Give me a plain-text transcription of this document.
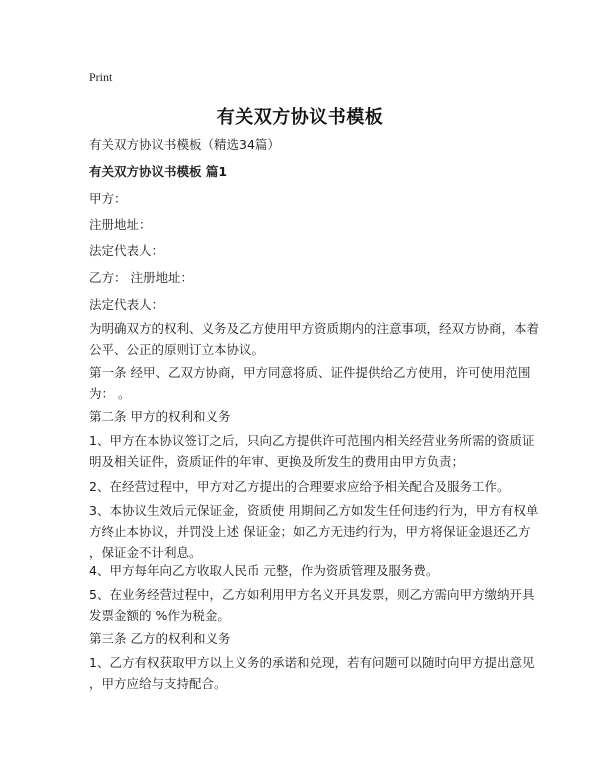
Print
有关双方协议书模板
有关双方协议书模板（精选34篇）
有关双方协议书模板 篇1
甲方：
注册地址：
法定代表人：
乙方： 注册地址：
法定代表人：
为明确双方的权利、义务及乙方使用甲方资质期内的注意事项，经双方协商，本着
公平、公正的原则订立本协议。
第一条 经甲、乙双方协商，甲方同意将质、证件提供给乙方使用，许可使用范围
为： 。
第二条 甲方的权利和义务
1、甲方在本协议签订之后，只向乙方提供许可范围内相关经营业务所需的资质证
明及相关证件，资质证件的年审、更换及所发生的费用由甲方负责；
2、在经营过程中，甲方对乙方提出的合理要求应给予相关配合及服务工作。
3、本协议生效后元保证金，资质使 用期间乙方如发生任何违约行为，甲方有权单
方终止本协议，并罚没上述 保证金；如乙方无违约行为，甲方将保证金退还乙方
，保证金不计利息。
4、甲方每年向乙方收取人民币 元整，作为资质管理及服务费。
5、在业务经营过程中，乙方如利用甲方名义开具发票，则乙方需向甲方缴纳开具
发票金额的 %作为税金。
第三条 乙方的权利和义务
1、乙方有权获取甲方以上义务的承诺和兑现，若有问题可以随时向甲方提出意见
，甲方应给与支持配合。
